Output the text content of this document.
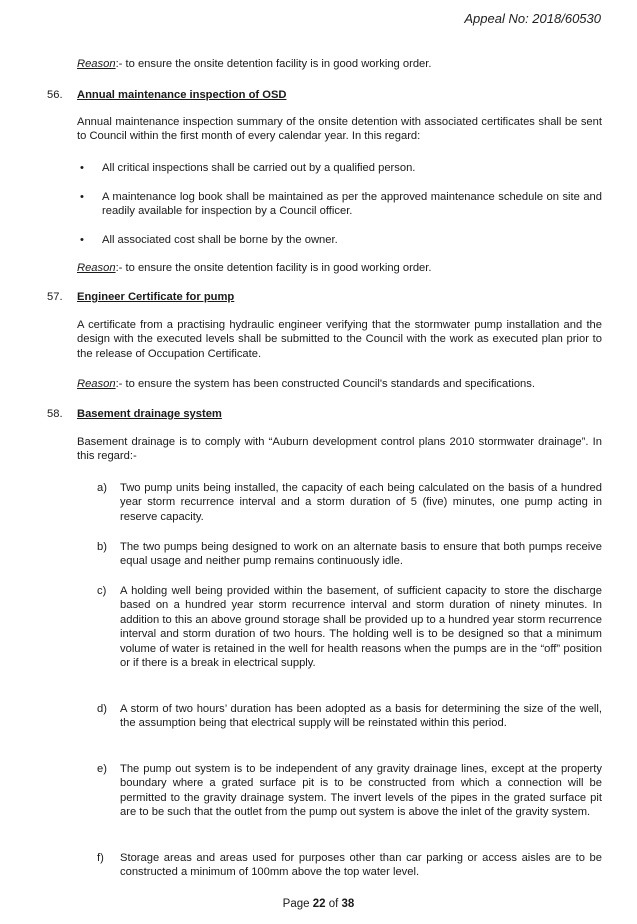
Appeal No: 2018/60530
Reason:- to ensure the onsite detention facility is in good working order.
56. Annual maintenance inspection of OSD
Annual maintenance inspection summary of the onsite detention with associated certificates shall be sent to Council within the first month of every calendar year. In this regard:
• All critical inspections shall be carried out by a qualified person.
• A maintenance log book shall be maintained as per the approved maintenance schedule on site and readily available for inspection by a Council officer.
• All associated cost shall be borne by the owner.
Reason:- to ensure the onsite detention facility is in good working order.
57. Engineer Certificate for pump
A certificate from a practising hydraulic engineer verifying that the stormwater pump installation and the design with the executed levels shall be submitted to the Council with the work as executed plan prior to the release of Occupation Certificate.
Reason:- to ensure the system has been constructed Council's standards and specifications.
58. Basement drainage system
Basement drainage is to comply with “Auburn development control plans 2010 stormwater drainage”. In this regard:-
a) Two pump units being installed, the capacity of each being calculated on the basis of a hundred year storm recurrence interval and a storm duration of 5 (five) minutes, one pump acting in reserve capacity.
b) The two pumps being designed to work on an alternate basis to ensure that both pumps receive equal usage and neither pump remains continuously idle.
c) A holding well being provided within the basement, of sufficient capacity to store the discharge based on a hundred year storm recurrence interval and storm duration of ninety minutes. In addition to this an above ground storage shall be provided up to a hundred year storm recurrence interval and storm duration of two hours. The holding well is to be designed so that a minimum volume of water is retained in the well for health reasons when the pumps are in the “off” position or if there is a break in electrical supply.
d) A storm of two hours’ duration has been adopted as a basis for determining the size of the well, the assumption being that electrical supply will be reinstated within this period.
e) The pump out system is to be independent of any gravity drainage lines, except at the property boundary where a grated surface pit is to be constructed from which a connection will be permitted to the gravity drainage system. The invert levels of the pipes in the grated surface pit are to be such that the outlet from the pump out system is above the inlet of the gravity system.
f) Storage areas and areas used for purposes other than car parking or access aisles are to be constructed a minimum of 100mm above the top water level.
Page 22 of 38
